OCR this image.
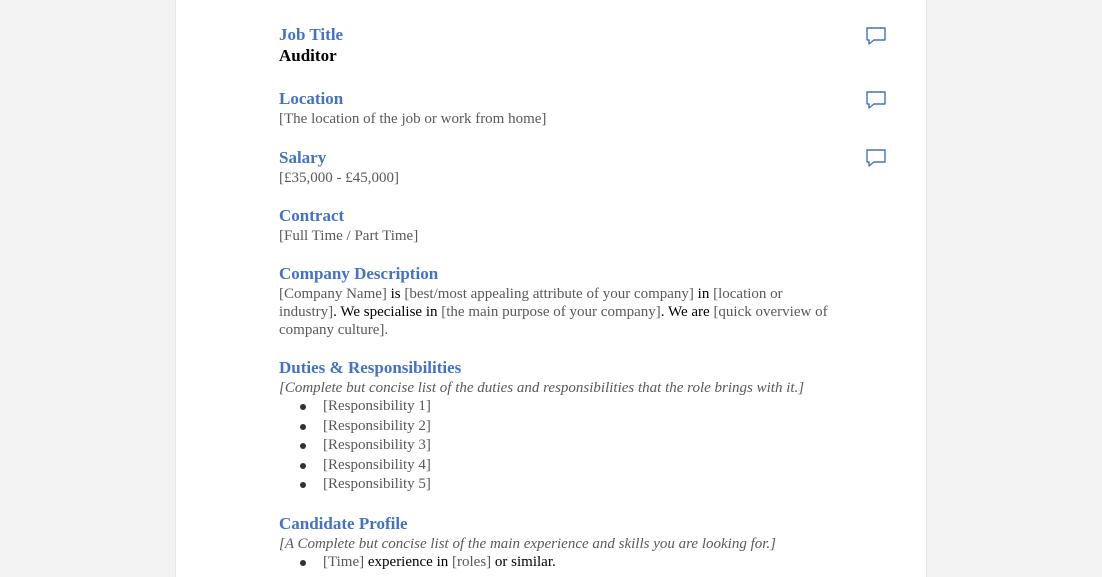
Job Title

Auditor

Location

[The location of the job or work from home]

Salary

[£35,000 - £45,000]

Contract

[Full Time / Part Time]

Company Description

[Company Name] is [best/most appealing attribute of your company] in [location or industry]. We specialise in [the main purpose of your company]. We are [quick overview of company culture].

Duties & Responsibilities

[Complete but concise list of the duties and responsibilities that the role brings with it.]

[Responsibility 1]
[Responsibility 2]
[Responsibility 3]
[Responsibility 4]
[Responsibility 5]

Candidate Profile

[A Complete but concise list of the main experience and skills you are looking for.]

[Time] experience in [roles] or similar.
